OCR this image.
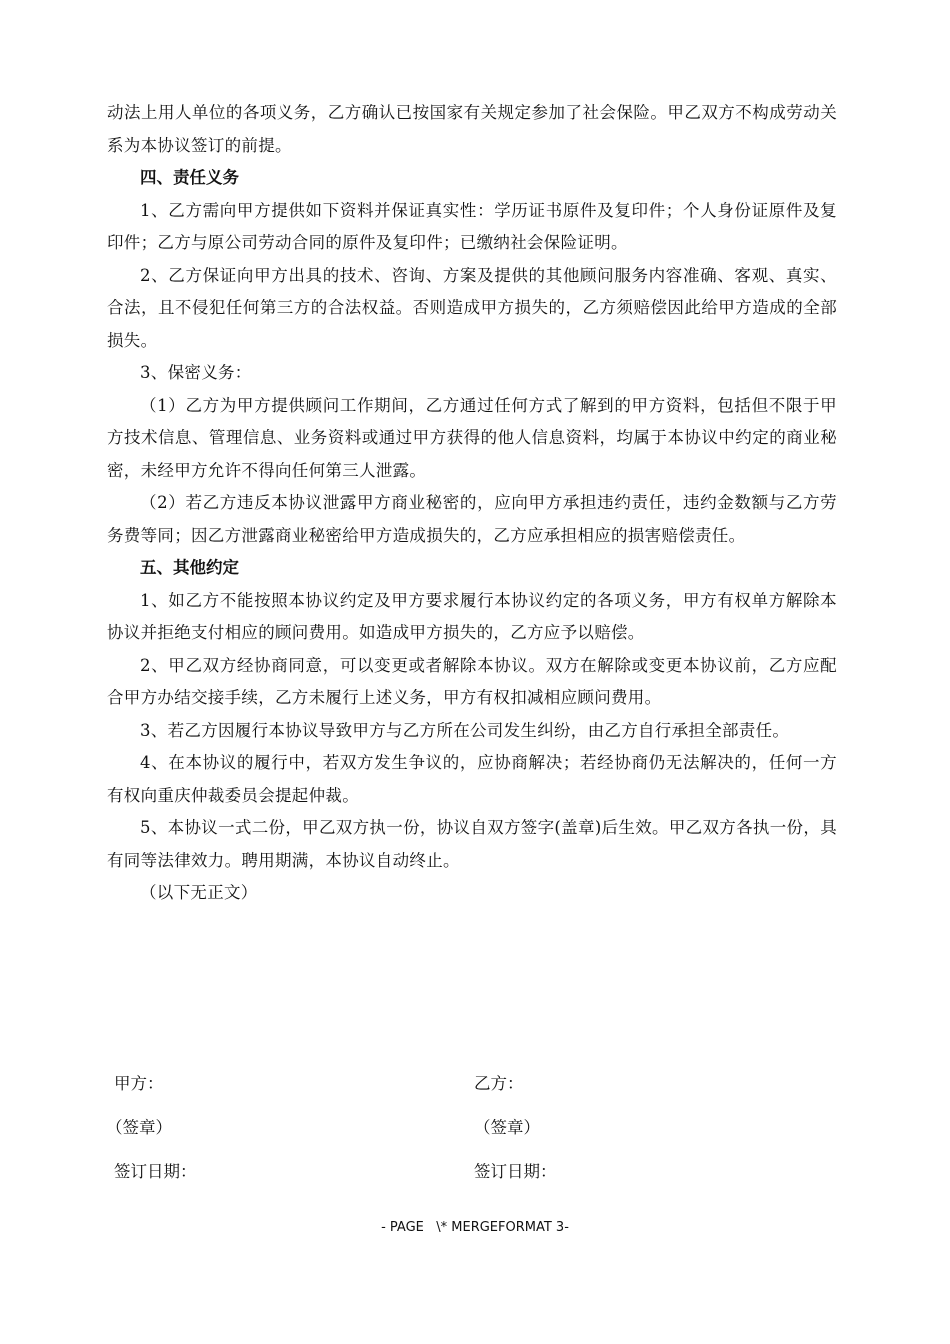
动法上用人单位的各项义务，乙方确认已按国家有关规定参加了社会保险。甲乙双方不构成劳动关系为本协议签订的前提。

四、责任义务

1、乙方需向甲方提供如下资料并保证真实性：学历证书原件及复印件；个人身份证原件及复印件；乙方与原公司劳动合同的原件及复印件；已缴纳社会保险证明。

2、乙方保证向甲方出具的技术、咨询、方案及提供的其他顾问服务内容准确、客观、真实、合法，且不侵犯任何第三方的合法权益。否则造成甲方损失的，乙方须赔偿因此给甲方造成的全部损失。

3、保密义务：

（1）乙方为甲方提供顾问工作期间，乙方通过任何方式了解到的甲方资料，包括但不限于甲方技术信息、管理信息、业务资料或通过甲方获得的他人信息资料，均属于本协议中约定的商业秘密，未经甲方允许不得向任何第三人泄露。

（2）若乙方违反本协议泄露甲方商业秘密的，应向甲方承担违约责任，违约金数额与乙方劳务费等同；因乙方泄露商业秘密给甲方造成损失的，乙方应承担相应的损害赔偿责任。

五、其他约定

1、如乙方不能按照本协议约定及甲方要求履行本协议约定的各项义务，甲方有权单方解除本协议并拒绝支付相应的顾问费用。如造成甲方损失的，乙方应予以赔偿。

2、甲乙双方经协商同意，可以变更或者解除本协议。双方在解除或变更本协议前，乙方应配合甲方办结交接手续，乙方未履行上述义务，甲方有权扣减相应顾问费用。

3、若乙方因履行本协议导致甲方与乙方所在公司发生纠纷，由乙方自行承担全部责任。

4、在本协议的履行中，若双方发生争议的，应协商解决；若经协商仍无法解决的，任何一方有权向重庆仲裁委员会提起仲裁。

5、本协议一式二份，甲乙双方执一份，协议自双方签字(盖章)后生效。甲乙双方各执一份，具有同等法律效力。聘用期满，本协议自动终止。

（以下无正文）

甲方：	乙方：
（签章）	（签章）
签订日期：	签订日期：
- PAGE   \* MERGEFORMAT 3-
